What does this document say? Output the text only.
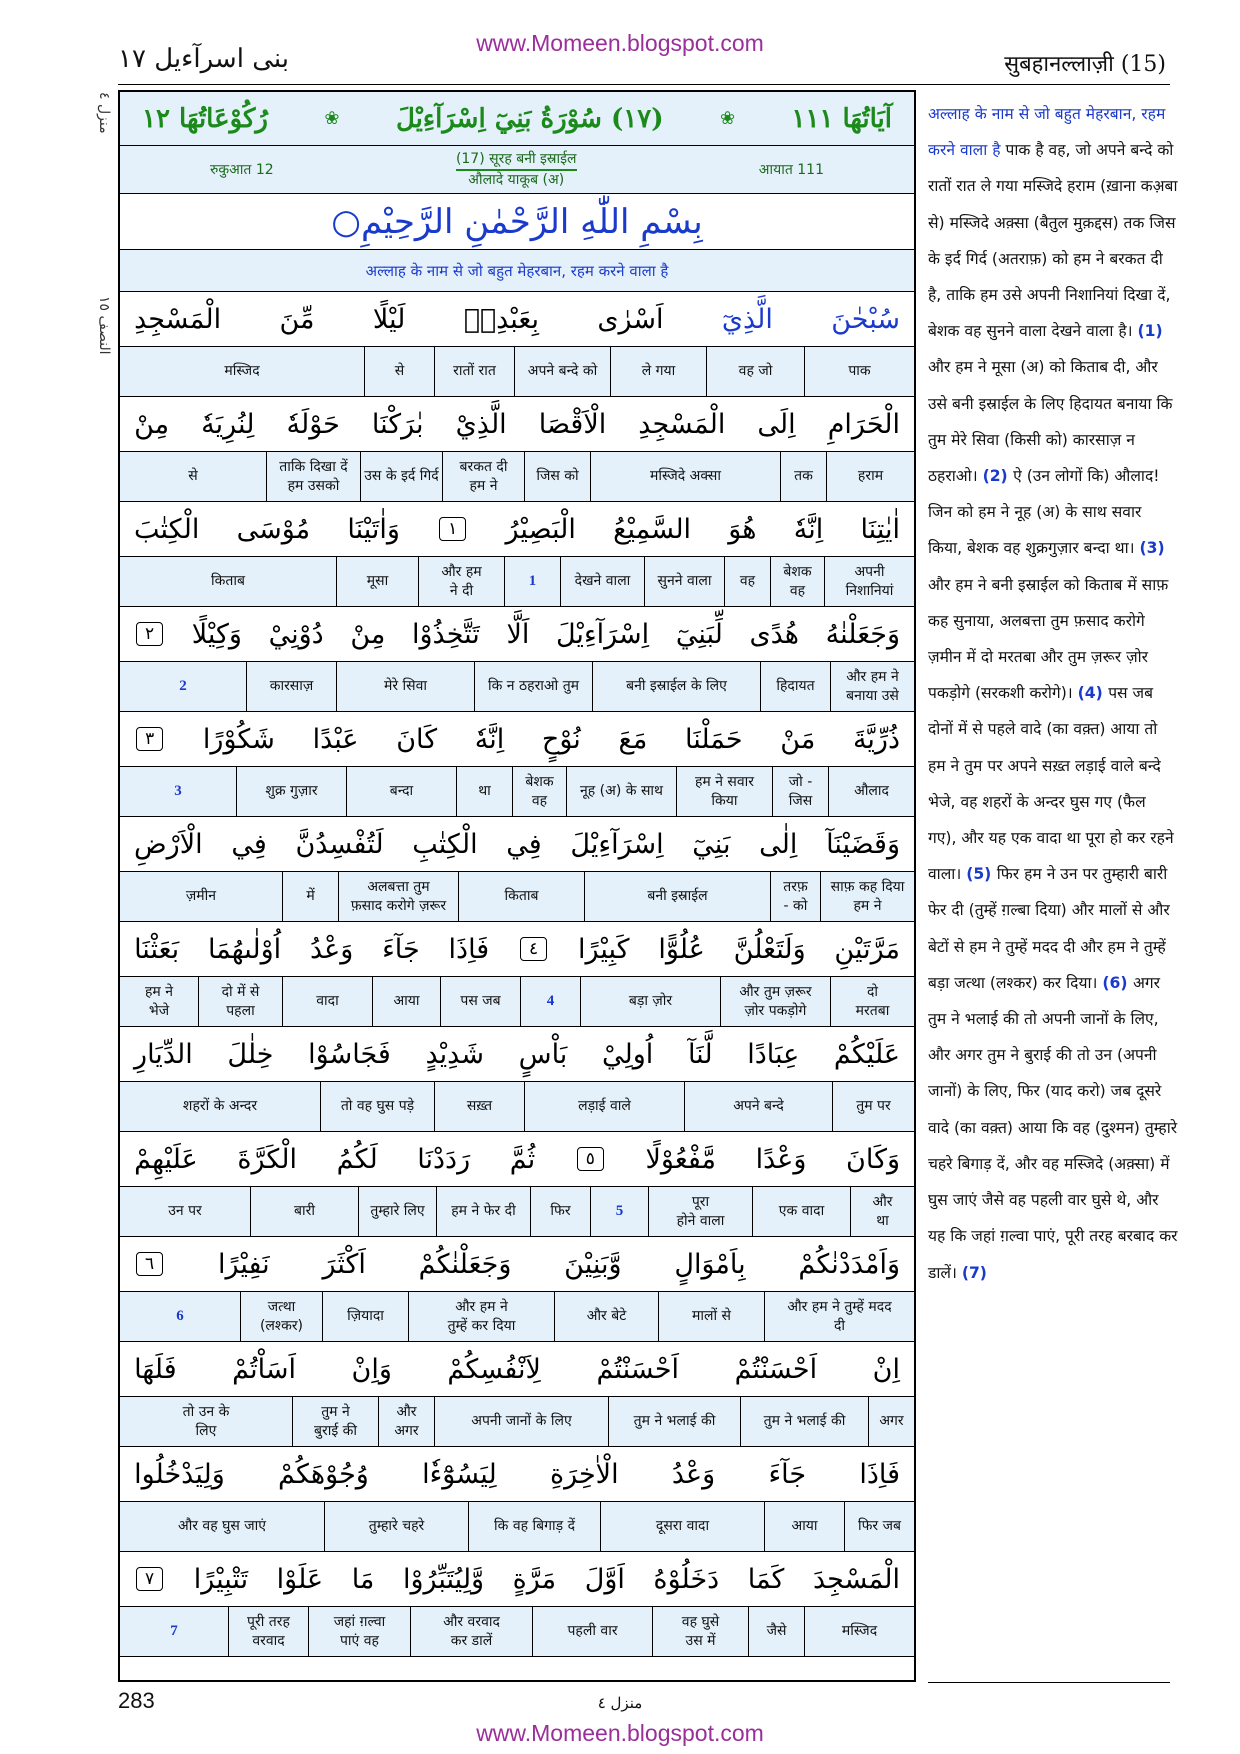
www.Momeen.blogspot.com
بنی اسرآءیل ١٧	सुबहानल्लाज़ी (15)
منزل ٤
النصف ١٥
آيَاتُهَا ١١١
❀
(١٧) سُوْرَةُ بَنِيٓ اِسْرَآءِيْلَ
❀
رُكُوْعَاتُهَا ١٢
रुकुआत 12
(17) सूरह बनी इस्राईल
औलादे याकूब (अ)
आयात 111
بِسْمِ اللّٰهِ الرَّحْمٰنِ الرَّحِيْمِ○
अल्लाह के नाम से जो बहुत मेहरबान, रहम करने वाला है
سُبْحٰنَ
الَّذِيٓ
اَسْرٰى
بِعَبْدِهٖ
لَيْلًا
مِّنَ
الْمَسْجِدِ
पाक
वह जो
ले गया
अपने बन्दे को
रातों रात
से
मस्जिद
الْحَرَامِ
اِلَى
الْمَسْجِدِ
الْاَقْصَا
الَّذِيْ
بٰرَكْنَا
حَوْلَهٗ
لِنُرِيَهٗ
مِنْ
हराम
तक
मस्जिदे अक्सा
जिस को
बरकत दी
हम ने
उस के इर्द गिर्द
ताकि दिखा दें
हम उसको
से
اٰيٰتِنَا
اِنَّهٗ
هُوَ
السَّمِيْعُ
الْبَصِيْرُ
١
وَاٰتَيْنَا
مُوْسَى
الْكِتٰبَ
अपनी
निशानियां
बेशक
वह
वह
सुनने वाला
देखने वाला
1
और हम
ने दी
मूसा
किताब
وَجَعَلْنٰهُ
هُدًى
لِّبَنِيٓ
اِسْرَآءِيْلَ
اَلَّا
تَتَّخِذُوْا
مِنْ
دُوْنِيْ
وَكِيْلًا
٢
और हम ने
बनाया उसे
हिदायत
बनी इस्राईल के लिए
कि न ठहराओ तुम
मेरे सिवा
कारसाज़
2
ذُرِّيَّةَ
مَنْ
حَمَلْنَا
مَعَ
نُوْحٍ
اِنَّهٗ
كَانَ
عَبْدًا
شَكُوْرًا
٣
औलाद
जो -
जिस
हम ने सवार
किया
नूह (अ) के साथ
बेशक
वह
था
बन्दा
शुक्र गुज़ार
3
وَقَضَيْنَآ
اِلٰى
بَنِيٓ
اِسْرَآءِيْلَ
فِي
الْكِتٰبِ
لَتُفْسِدُنَّ
فِي
الْاَرْضِ
साफ़ कह दिया
हम ने
तरफ़
- को
बनी इस्राईल
किताब
अलबत्ता तुम
फ़साद करोगे ज़रूर
में
ज़मीन
مَرَّتَيْنِ
وَلَتَعْلُنَّ
عُلُوًّا
كَبِيْرًا
٤
فَاِذَا
جَآءَ
وَعْدُ
اُوْلٰىهُمَا
بَعَثْنَا
दो
मरतबा
और तुम ज़रूर
ज़ोर पकड़ोगे
बड़ा ज़ोर
4
पस जब
आया
वादा
दो में से
पहला
हम ने
भेजे
عَلَيْكُمْ
عِبَادًا
لَّنَآ
اُولِيْ
بَاْسٍ
شَدِيْدٍ
فَجَاسُوْا
خِلٰلَ
الدِّيَارِ
तुम पर
अपने बन्दे
लड़ाई वाले
सख़्त
तो वह घुस पड़े
शहरों के अन्दर
وَكَانَ
وَعْدًا
مَّفْعُوْلًا
٥
ثُمَّ
رَدَدْنَا
لَكُمُ
الْكَرَّةَ
عَلَيْهِمْ
और
था
एक वादा
पूरा
होने वाला
5
फिर
हम ने फेर दी
तुम्हारे लिए
बारी
उन पर
وَاَمْدَدْنٰكُمْ
بِاَمْوَالٍ
وَّبَنِيْنَ
وَجَعَلْنٰكُمْ
اَكْثَرَ
نَفِيْرًا
٦
और हम ने तुम्हें मदद
दी
मालों से
और बेटे
और हम ने
तुम्हें कर दिया
ज़ियादा
जत्था
(लश्कर)
6
اِنْ
اَحْسَنْتُمْ
اَحْسَنْتُمْ
لِاَنْفُسِكُمْ
وَاِنْ
اَسَاْتُمْ
فَلَهَا
अगर
तुम ने भलाई की
तुम ने भलाई की
अपनी जानों के लिए
और
अगर
तुम ने
बुराई की
तो उन के
लिए
فَاِذَا
جَآءَ
وَعْدُ
الْاٰخِرَةِ
لِيَسُوْٓءٗا
وُجُوْهَكُمْ
وَلِيَدْخُلُوا
फिर जब
आया
दूसरा वादा
कि वह बिगाड़ दें
तुम्हारे चहरे
और वह घुस जाएं
الْمَسْجِدَ
كَمَا
دَخَلُوْهُ
اَوَّلَ
مَرَّةٍ
وَّلِيُتَبِّرُوْا
مَا
عَلَوْا
تَتْبِيْرًا
٧
मस्जिद
जैसे
वह घुसे
उस में
पहली वार
और वरवाद
कर डालें
जहां ग़ल्वा
पाएं वह
पूरी तरह
वरवाद
7

अल्लाह के नाम से जो बहुत मेहरबान, रहम करने वाला है पाक है वह, जो अपने बन्दे को रातों रात ले गया मस्जिदे हराम (ख़ाना कअ़बा से) मस्जिदे अक़्सा (बैतुल मुक़द्दस) तक जिस के इर्द गिर्द (अतराफ़) को हम ने बरकत दी है, ताकि हम उसे अपनी निशानियां दिखा दें, बेशक वह सुनने वाला देखने वाला है। (1) और हम ने मूसा (अ) को किताब दी, और उसे बनी इस्राईल के लिए हिदायत बनाया कि तुम मेरे सिवा (किसी को) कारसाज़ न ठहराओ। (2) ऐ (उन लोगों कि) औलाद! जिन को हम ने नूह (अ) के साथ सवार किया, बेशक वह शुक्रगुज़ार बन्दा था। (3) और हम ने बनी इस्राईल को किताब में साफ़ कह सुनाया, अलबत्ता तुम फ़साद करोगे ज़मीन में दो मरतबा और तुम ज़रूर ज़ोर पकड़ोगे (सरकशी करोगे)। (4) पस जब दोनों में से पहले वादे (का वक़्त) आया तो हम ने तुम पर अपने सख़्त लड़ाई वाले बन्दे भेजे, वह शहरों के अन्दर घुस गए (फैल गए), और यह एक वादा था पूरा हो कर रहने वाला। (5) फिर हम ने उन पर तुम्हारी बारी फेर दी (तुम्हें ग़ल्बा दिया) और मालों से और बेटों से हम ने तुम्हें मदद दी और हम ने तुम्हें बड़ा जत्था (लश्कर) कर दिया। (6) अगर तुम ने भलाई की तो अपनी जानों के लिए, और अगर तुम ने बुराई की तो उन (अपनी जानों) के लिए, फिर (याद करो) जब दूसरे वादे (का वक़्त) आया कि वह (दुश्मन) तुम्हारे चहरे बिगाड़ दें, और वह मस्जिदे (अक़्सा) में घुस जाएं जैसे वह पहली वार घुसे थे, और यह कि जहां ग़ल्वा पाएं, पूरी तरह बरबाद कर डालें। (7)

283	منزل ٤
www.Momeen.blogspot.com
